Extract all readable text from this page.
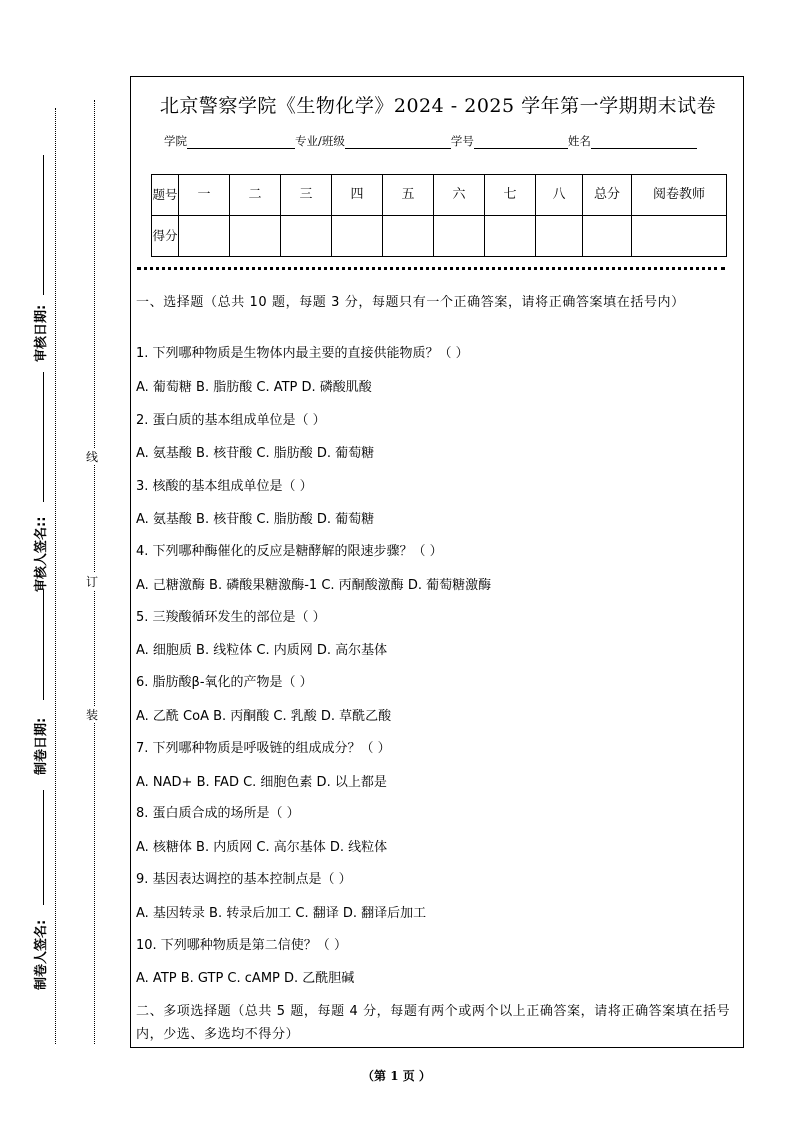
审核日期:
审核人签名::
制卷日期:
制卷人签名:
线
订
装
北京警察学院《生物化学》2024 - 2025 学年第一学期期末试卷
学院	专业/班级	学号	姓名
题号	一	二	三	四	五	六	七	八	总分	阅卷教师
得分										
一、选择题（总共 10 题，每题 3 分，每题只有一个正确答案，请将正确答案填在括号内）
1. 下列哪种物质是生物体内最主要的直接供能物质？（ ）
A. 葡萄糖 B. 脂肪酸 C. ATP D. 磷酸肌酸
2. 蛋白质的基本组成单位是（ ）
A. 氨基酸 B. 核苷酸 C. 脂肪酸 D. 葡萄糖
3. 核酸的基本组成单位是（ ）
A. 氨基酸 B. 核苷酸 C. 脂肪酸 D. 葡萄糖
4. 下列哪种酶催化的反应是糖酵解的限速步骤？（ ）
A. 己糖激酶 B. 磷酸果糖激酶-1 C. 丙酮酸激酶 D. 葡萄糖激酶
5. 三羧酸循环发生的部位是（ ）
A. 细胞质 B. 线粒体 C. 内质网 D. 高尔基体
6. 脂肪酸β-氧化的产物是（ ）
A. 乙酰 CoA B. 丙酮酸 C. 乳酸 D. 草酰乙酸
7. 下列哪种物质是呼吸链的组成成分？（ ）
A. NAD+ B. FAD C. 细胞色素 D. 以上都是
8. 蛋白质合成的场所是（ ）
A. 核糖体 B. 内质网 C. 高尔基体 D. 线粒体
9. 基因表达调控的基本控制点是（ ）
A. 基因转录 B. 转录后加工 C. 翻译 D. 翻译后加工
10. 下列哪种物质是第二信使？（ ）
A. ATP B. GTP C. cAMP D. 乙酰胆碱
二、多项选择题（总共 5 题，每题 4 分，每题有两个或两个以上正确答案，请将正确答案填在括号内，少选、多选均不得分）
（第 1 页 ）
